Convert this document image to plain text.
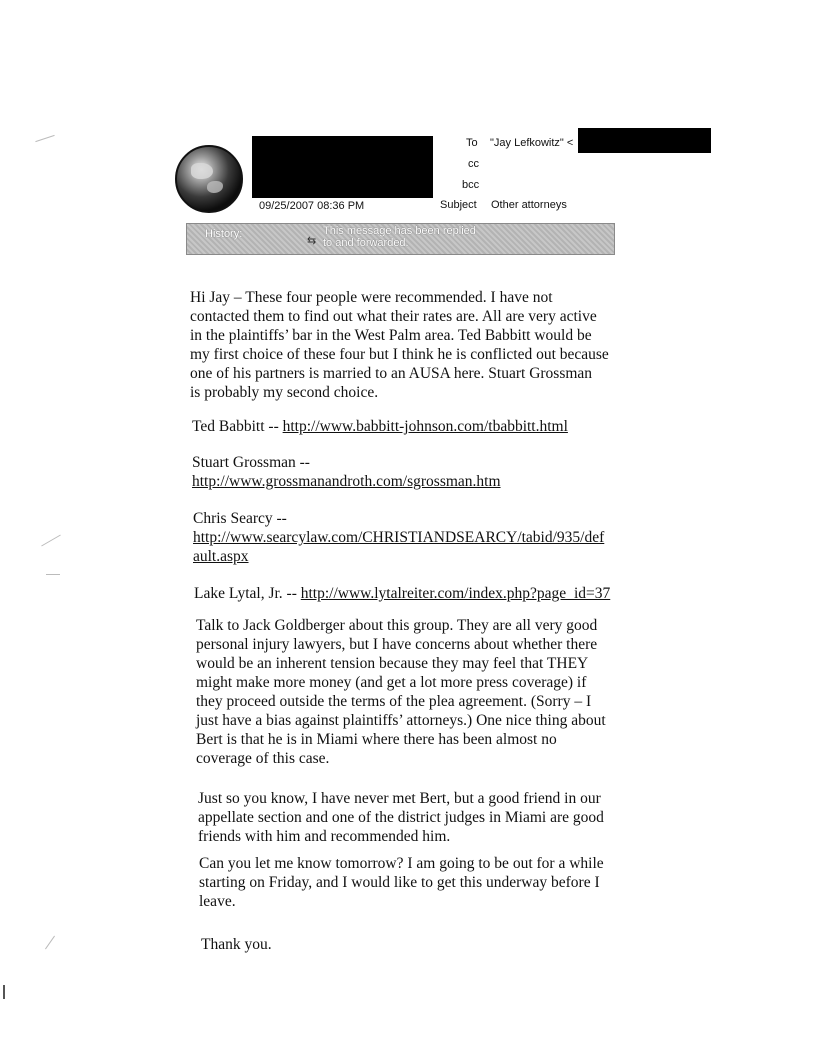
To "Jay Lefkowitz" <
cc
bcc
Subject Other attorneys
09/25/2007 08:36 PM
History:
⇆
This message has been replied
to and forwarded.
Hi Jay – These four people were recommended. I have not
contacted them to find out what their rates are. All are very active
in the plaintiffs’ bar in the West Palm area. Ted Babbitt would be
my first choice of these four but I think he is conflicted out because
one of his partners is married to an AUSA here. Stuart Grossman
is probably my second choice.
Ted Babbitt -- http://www.babbitt-johnson.com/tbabbitt.html
Stuart Grossman --
http://www.grossmanandroth.com/sgrossman.htm
Chris Searcy --
http://www.searcylaw.com/CHRISTIANDSEARCY/tabid/935/def
ault.aspx
Lake Lytal, Jr. -- http://www.lytalreiter.com/index.php?page_id=37
Talk to Jack Goldberger about this group. They are all very good
personal injury lawyers, but I have concerns about whether there
would be an inherent tension because they may feel that THEY
might make more money (and get a lot more press coverage) if
they proceed outside the terms of the plea agreement. (Sorry – I
just have a bias against plaintiffs’ attorneys.) One nice thing about
Bert is that he is in Miami where there has been almost no
coverage of this case.
Just so you know, I have never met Bert, but a good friend in our
appellate section and one of the district judges in Miami are good
friends with him and recommended him.
Can you let me know tomorrow? I am going to be out for a while
starting on Friday, and I would like to get this underway before I
leave.
Thank you.
